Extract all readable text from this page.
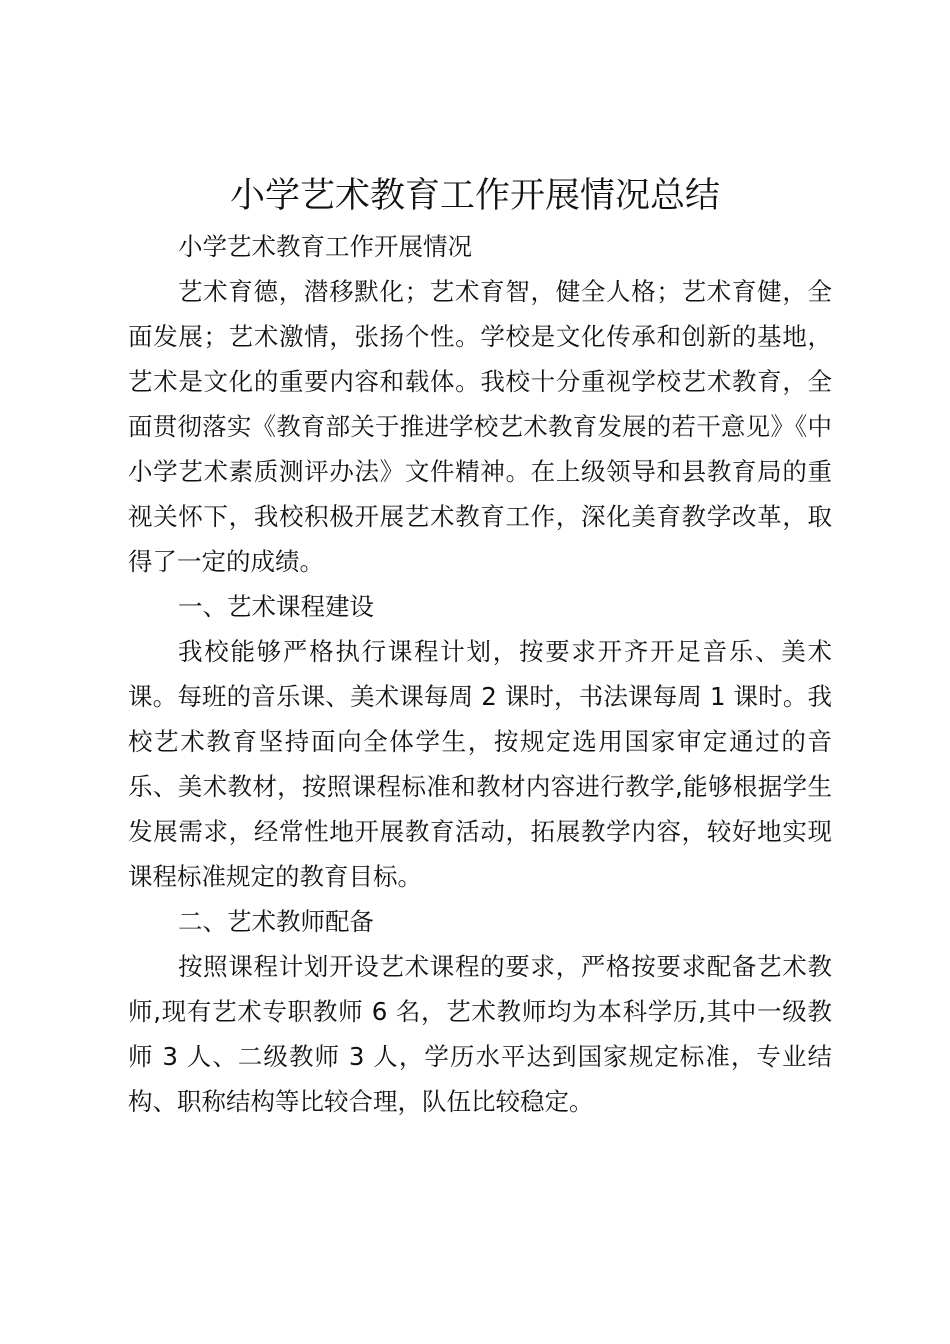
小学艺术教育工作开展情况总结

小学艺术教育工作开展情况

艺术育德，潜移默化；艺术育智，健全人格；艺术育健，全面发展；艺术激情，张扬个性。学校是文化传承和创新的基地，艺术是文化的重要内容和载体。我校十分重视学校艺术教育，全面贯彻落实《教育部关于推进学校艺术教育发展的若干意见》《中小学艺术素质测评办法》文件精神。在上级领导和县教育局的重视关怀下，我校积极开展艺术教育工作，深化美育教学改革，取得了一定的成绩。

一、艺术课程建设

我校能够严格执行课程计划，按要求开齐开足音乐、美术课。每班的音乐课、美术课每周 2 课时，书法课每周 1 课时。我校艺术教育坚持面向全体学生，按规定选用国家审定通过的音乐、美术教材，按照课程标准和教材内容进行教学,能够根据学生发展需求，经常性地开展教育活动，拓展教学内容，较好地实现课程标准规定的教育目标。

二、艺术教师配备

按照课程计划开设艺术课程的要求，严格按要求配备艺术教师,现有艺术专职教师 6 名，艺术教师均为本科学历,其中一级教师 3 人、二级教师 3 人，学历水平达到国家规定标准，专业结构、职称结构等比较合理，队伍比较稳定。
